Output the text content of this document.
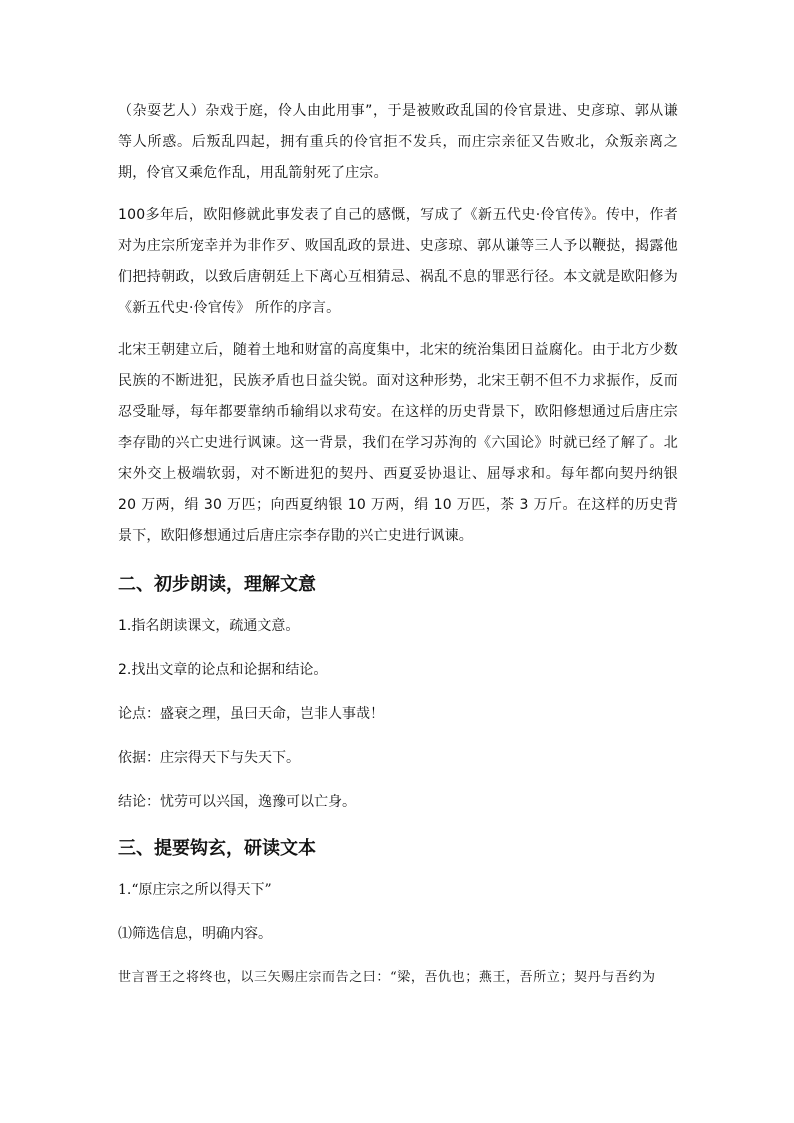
（杂耍艺人）杂戏于庭，伶人由此用事”，于是被败政乱国的伶官景进、史彦琼、郭从谦等人所惑。后叛乱四起，拥有重兵的伶官拒不发兵，而庄宗亲征又告败北，众叛亲离之期，伶官又乘危作乱，用乱箭射死了庄宗。

100多年后，欧阳修就此事发表了自己的感慨，写成了《新五代史·伶官传》。传中，作者对为庄宗所宠幸并为非作歹、败国乱政的景进、史彦琼、郭从谦等三人予以鞭挞，揭露他们把持朝政，以致后唐朝廷上下离心互相猜忌、祸乱不息的罪恶行径。本文就是欧阳修为《新五代史·伶官传》 所作的序言。

北宋王朝建立后，随着土地和财富的高度集中，北宋的统治集团日益腐化。由于北方少数民族的不断进犯，民族矛盾也日益尖锐。面对这种形势，北宋王朝不但不力求振作，反而忍受耻辱，每年都要靠纳币输绢以求苟安。在这样的历史背景下，欧阳修想通过后唐庄宗李存勖的兴亡史进行讽谏。这一背景，我们在学习苏洵的《六国论》时就已经了解了。北宋外交上极端软弱，对不断进犯的契丹、西夏妥协退让、屈辱求和。每年都向契丹纳银 20 万两，绢 30 万匹；向西夏纳银 10 万两，绢 10 万匹，茶 3 万斤。在这样的历史背景下，欧阳修想通过后唐庄宗李存勖的兴亡史进行讽谏。

二、初步朗读，理解文意
1.指名朗读课文，疏通文意。
2.找出文章的论点和论据和结论。
论点：盛衰之理，虽曰天命，岂非人事哉！
依据：庄宗得天下与失天下。
结论：忧劳可以兴国，逸豫可以亡身。
三、提要钩玄，研读文本
1.“原庄宗之所以得天下”
⑴筛选信息，明确内容。
世言晋王之将终也，以三矢赐庄宗而告之曰：“梁，吾仇也；燕王，吾所立；契丹与吾约为
